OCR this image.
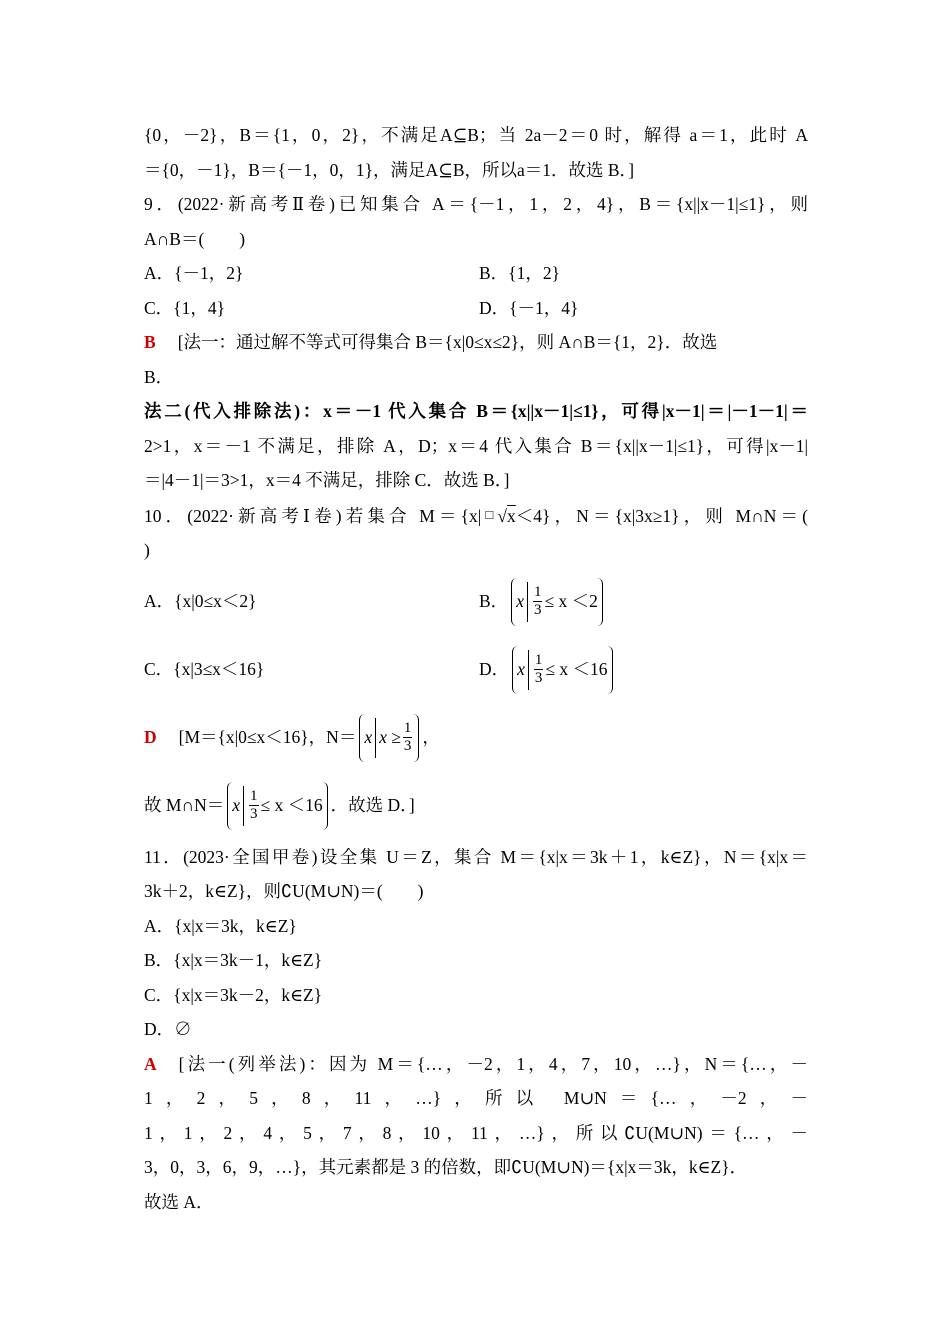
{0，－2}，B＝{1，0，2}，不满足A⊆B；当 2a－2＝0 时，解得 a＝1，此时 A
＝{0，－1}，B＝{－1，0，1}，满足A⊆B，所以a＝1．故选 B．]
9．(2022·新高考Ⅱ卷)已知集合 A＝{－1，1，2，4}，B＝{x||x－1|≤1}，则
A∩B＝(　　)
A．{－1，2}	B．{1，2}
C．{1，4}	D．{－1，4}
B [法一：通过解不等式可得集合 B＝{x|0≤x≤2}，则 A∩B＝{1，2}．故选
B．
法二(代入排除法)：x＝－1 代入集合 B＝{x||x－1|≤1}，可得|x－1|＝|－1－1|＝
2>1，x＝－1 不满足，排除 A，D；x＝4 代入集合 B＝{x||x－1|≤1}，可得|x－1|
＝|4－1|＝3>1，x＝4 不满足，排除 C．故选 B．]
10．(2022·新高考Ⅰ卷)若集合 M＝{x|□√x＜4}，N＝{x|3x≥1}，则 M∩N＝(
)
A．{x|0≤x＜2}	B． x $\frac{1}{3} \le x <2$
C．{x|3≤x＜16}	D． x $\frac{1}{3} \le x <16$
D [M＝{x|0≤x＜16}，N＝ x $x \ge \frac{1}{3}$ ，
故 M∩N＝ x $\frac{1}{3} \le x <16$ ．故选 D．]
11．(2023·全国甲卷)设全集 U＝Z，集合 M＝{x|x＝3k＋1，k∈Z}，N＝{x|x＝
3k＋2，k∈Z}，则∁U(M∪N)＝(　　)
A．{x|x＝3k，k∈Z}
B．{x|x＝3k－1，k∈Z}
C．{x|x＝3k－2，k∈Z}
D．∅
A [法一(列举法)：因为 M＝{…，－2，1，4，7，10，…}，N＝{…，－
1，2，5，8，11，…}，所以 M∪N＝{…，－2，－
1，1，2，4，5，7，8，10，11，…}，所以∁U(M∪N)＝{…，－
3，0，3，6，9，…}，其元素都是 3 的倍数，即∁U(M∪N)＝{x|x＝3k，k∈Z}．
故选 A．
